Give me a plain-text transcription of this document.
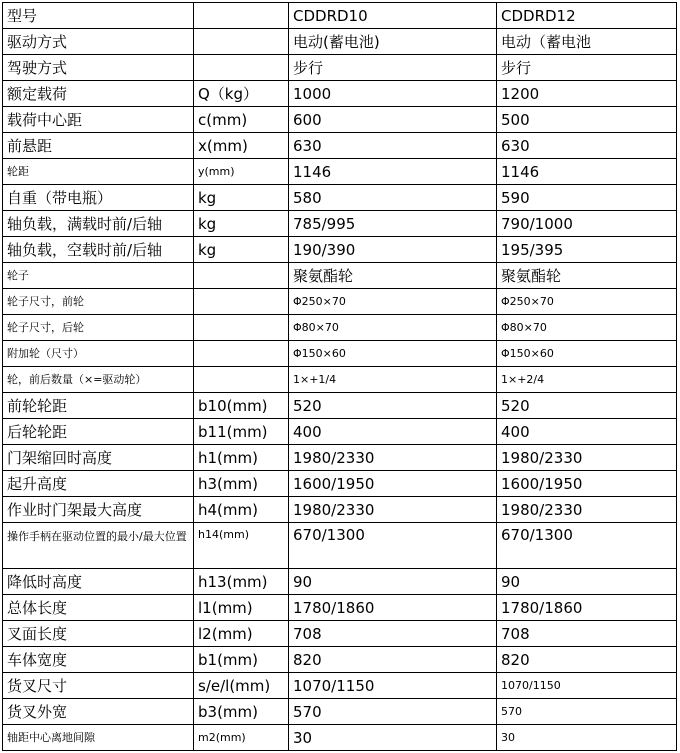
型号		CDDRD10	CDDRD12
驱动方式		电动(蓄电池)	电动（蓄电池
驾驶方式		步行	步行
额定载荷	Q（kg）	1000	1200
载荷中心距	c(mm)	600	500
前悬距	x(mm)	630	630
轮距	y(mm)	1146	1146
自重（带电瓶）	kg	580	590
轴负载，满载时前/后轴	kg	785/995	790/1000
轴负载，空载时前/后轴	kg	190/390	195/395
轮子		聚氨酯轮	聚氨酯轮
轮子尺寸，前轮		Φ250×70	Φ250×70
轮子尺寸，后轮		Φ80×70	Φ80×70
附加轮（尺寸）		Φ150×60	Φ150×60
轮，前后数量（×=驱动轮）		1×+1/4	1×+2/4
前轮轮距	b10(mm)	520	520
后轮轮距	b11(mm)	400	400
门架缩回时高度	h1(mm)	1980/2330	1980/2330
起升高度	h3(mm)	1600/1950	1600/1950
作业时门架最大高度	h4(mm)	1980/2330	1980/2330
操作手柄在驱动位置的最小/最大位置	h14(mm)	670/1300	670/1300
降低时高度	h13(mm)	90	90
总体长度	l1(mm)	1780/1860	1780/1860
叉面长度	l2(mm)	708	708
车体宽度	b1(mm)	820	820
货叉尺寸	s/e/l(mm)	1070/1150	1070/1150
货叉外宽	b3(mm)	570	570
轴距中心离地间隙	m2(mm)	30	30
